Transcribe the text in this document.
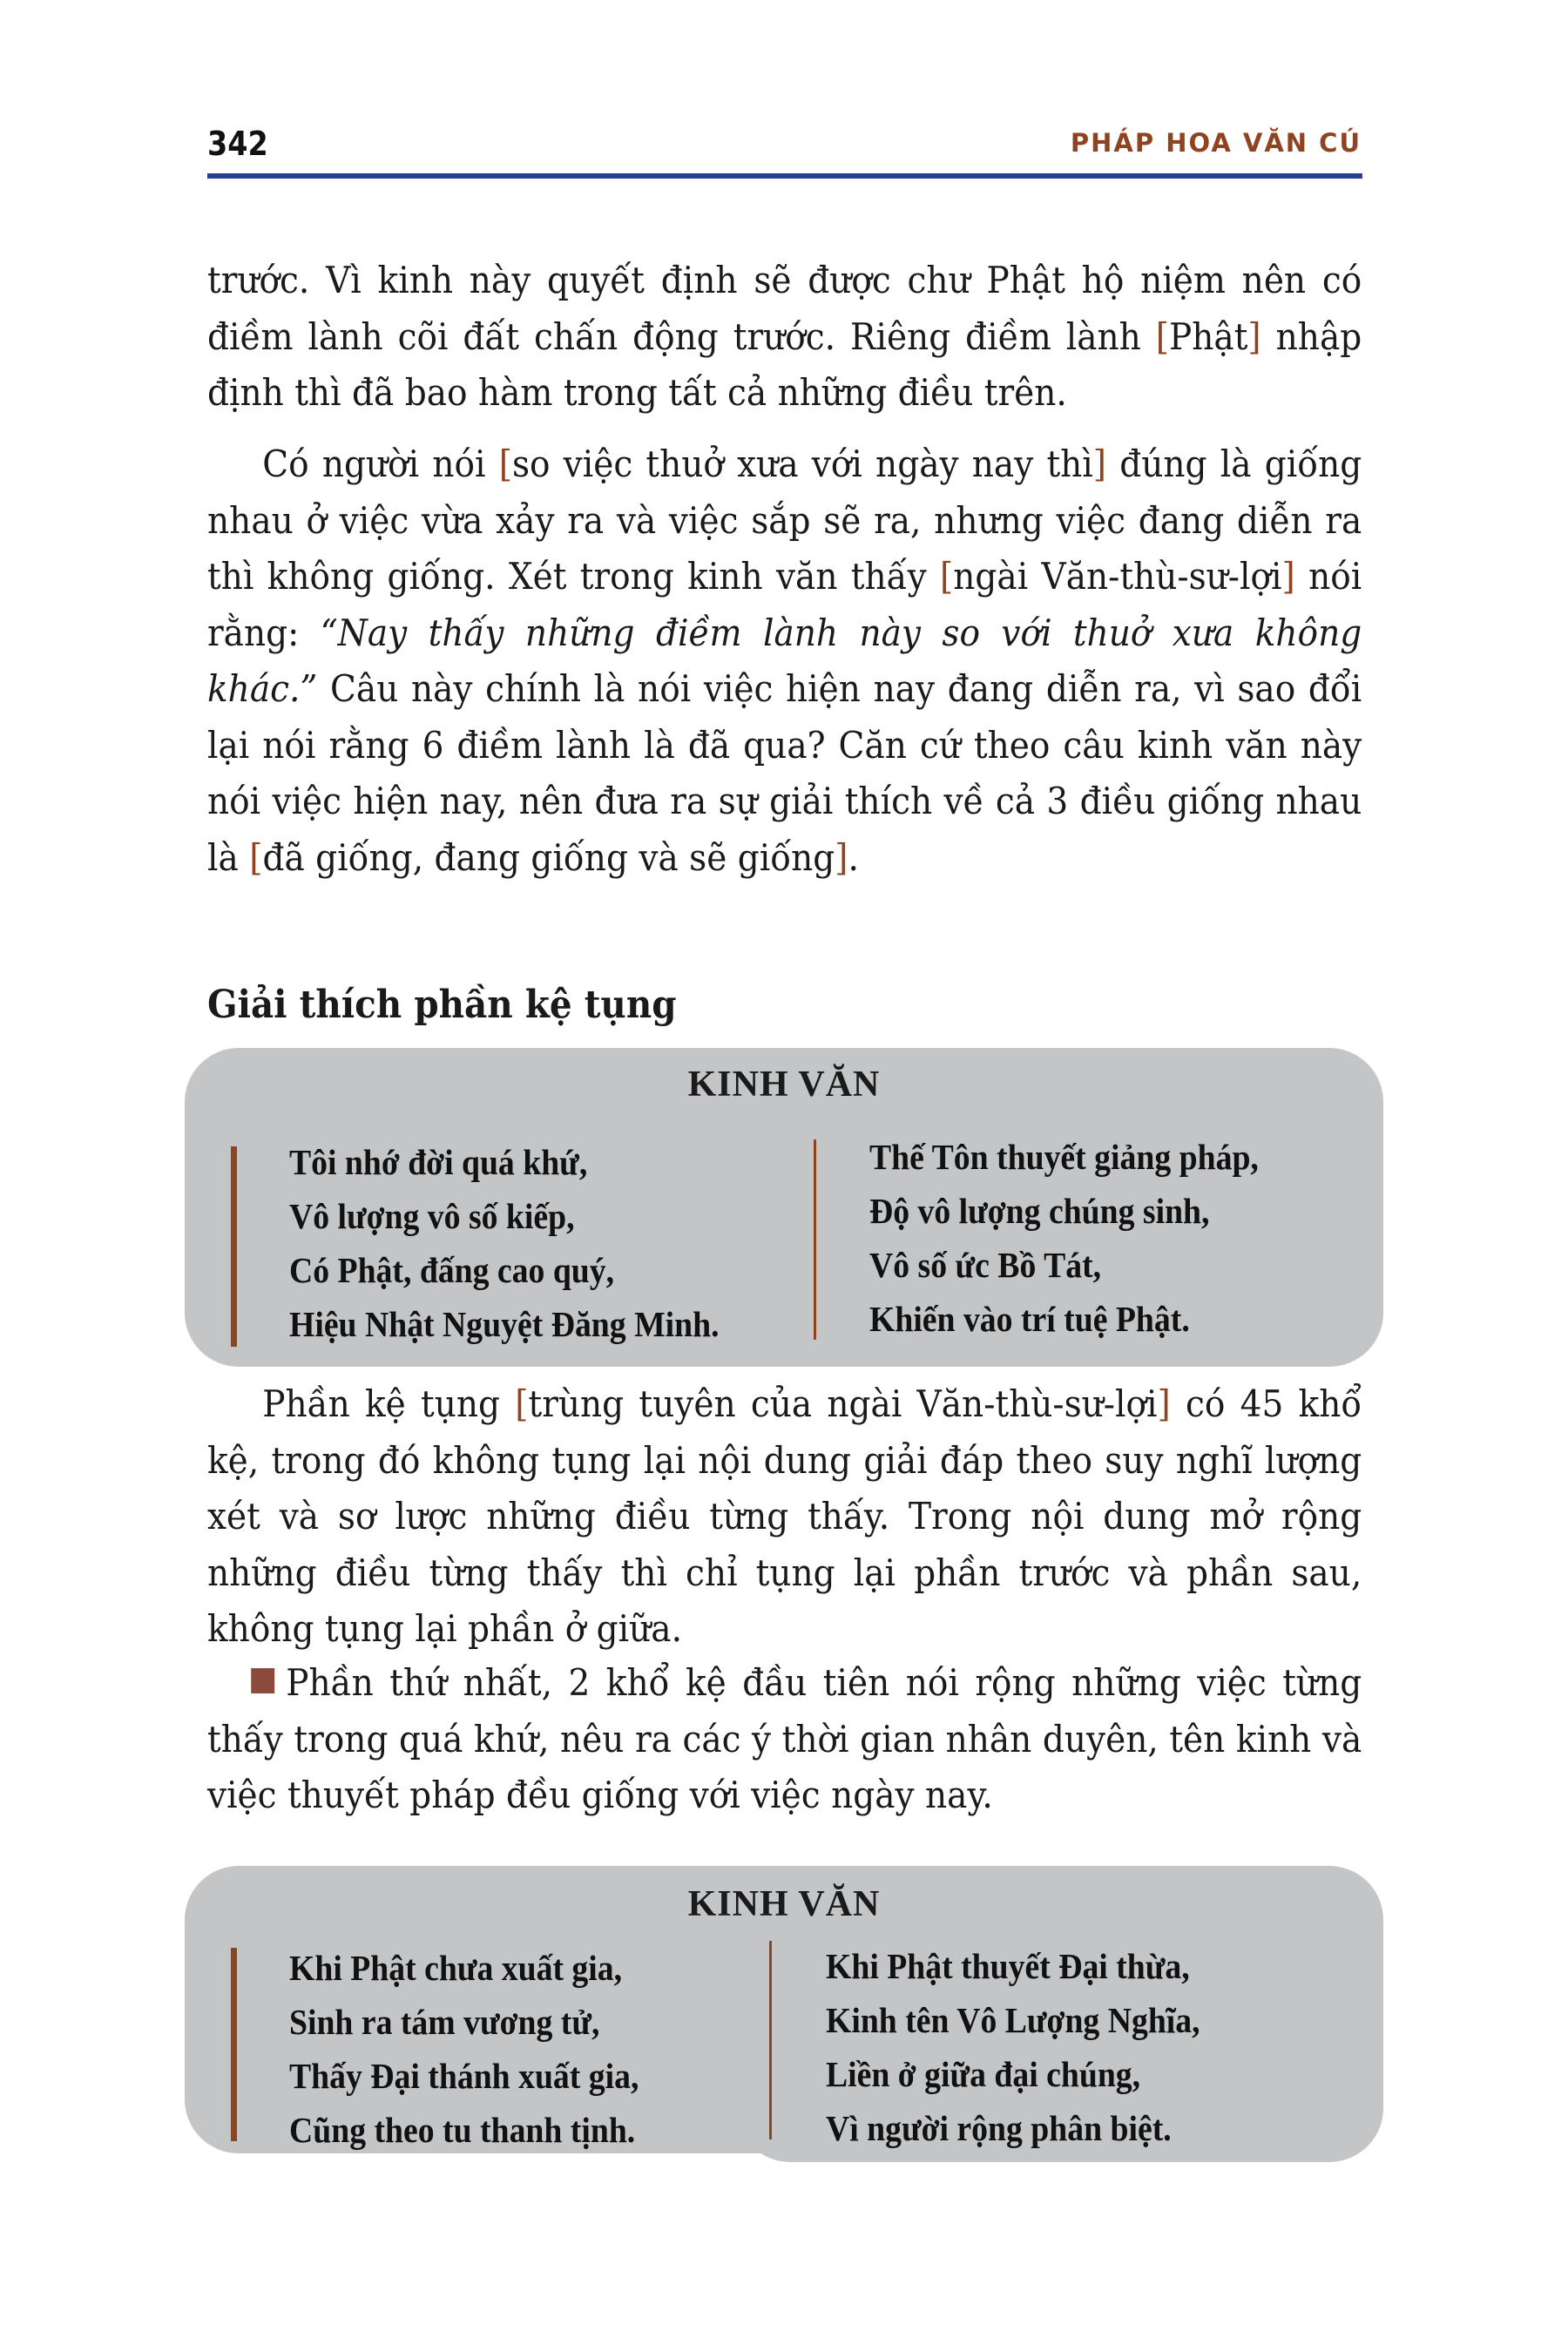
342	PHÁP HOA VĂN CÚ

trước. Vì kinh này quyết định sẽ được chư Phật hộ niệm nên có điềm lành cõi đất chấn động trước. Riêng điềm lành [Phật] nhập định thì đã bao hàm trong tất cả những điều trên.

Có người nói [so việc thuở xưa với ngày nay thì] đúng là giống nhau ở việc vừa xảy ra và việc sắp sẽ ra, nhưng việc đang diễn ra thì không giống. Xét trong kinh văn thấy [ngài Văn-thù-sư-lợi] nói rằng: “Nay thấy những điềm lành này so với thuở xưa không khác.” Câu này chính là nói việc hiện nay đang diễn ra, vì sao đổi lại nói rằng 6 điềm lành là đã qua? Căn cứ theo câu kinh văn này nói việc hiện nay, nên đưa ra sự giải thích về cả 3 điều giống nhau là [đã giống, đang giống và sẽ giống].

Giải thích phần kệ tụng
KINH VĂN
Tôi nhớ đời quá khứ,
Vô lượng vô số kiếp,
Có Phật, đấng cao quý,
Hiệu Nhật Nguyệt Đăng Minh.
Thế Tôn thuyết giảng pháp,
Độ vô lượng chúng sinh,
Vô số ức Bồ Tát,
Khiến vào trí tuệ Phật.

Phần kệ tụng [trùng tuyên của ngài Văn-thù-sư-lợi] có 45 khổ kệ, trong đó không tụng lại nội dung giải đáp theo suy nghĩ lượng xét và sơ lược những điều từng thấy. Trong nội dung mở rộng những điều từng thấy thì chỉ tụng lại phần trước và phần sau, không tụng lại phần ở giữa.

Phần thứ nhất, 2 khổ kệ đầu tiên nói rộng những việc từng thấy trong quá khứ, nêu ra các ý thời gian nhân duyên, tên kinh và việc thuyết pháp đều giống với việc ngày nay.

KINH VĂN
Khi Phật chưa xuất gia,
Sinh ra tám vương tử,
Thấy Đại thánh xuất gia,
Cũng theo tu thanh tịnh.
Khi Phật thuyết Đại thừa,
Kinh tên Vô Lượng Nghĩa,
Liền ở giữa đại chúng,
Vì người rộng phân biệt.
